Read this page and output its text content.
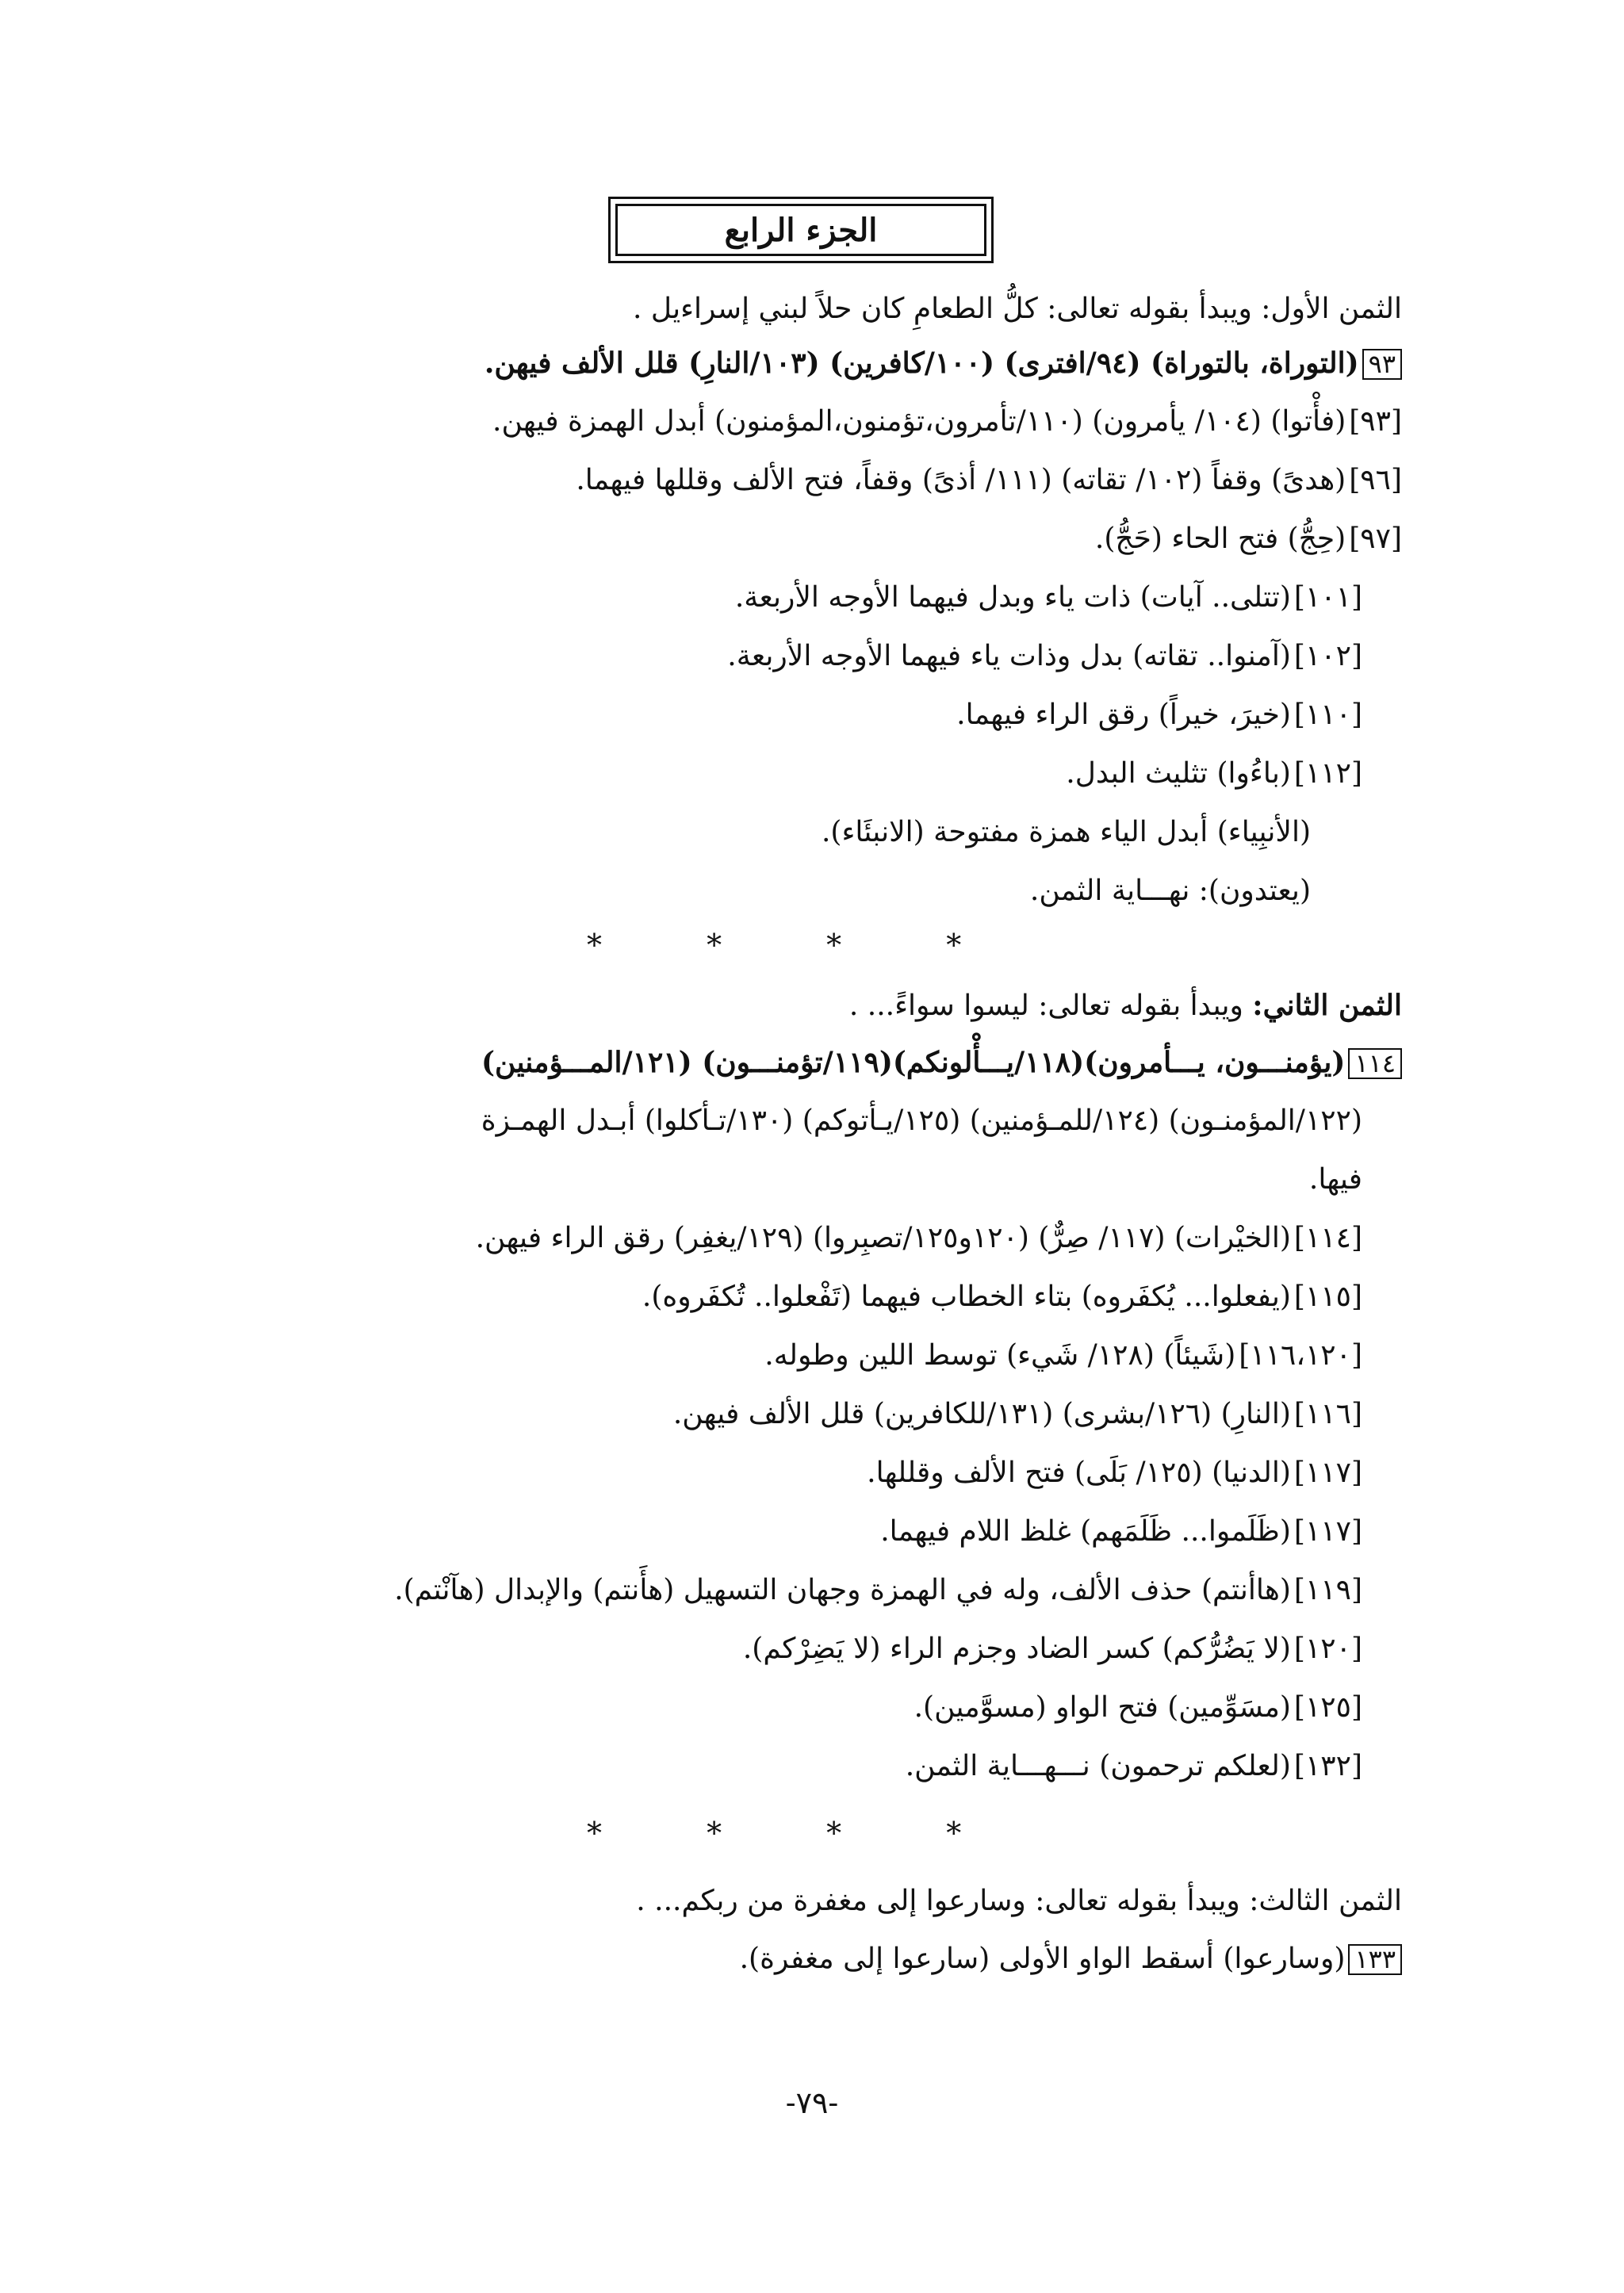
الجزء الرابع
الثمن الأول: ويبدأ بقوله تعالى: كلُّ الطعامِ كان حلاً لبني إسراءيل .
٩٣(التوراة، بالتوراة) (٩٤/افترى) (١٠٠/كافرين) (١٠٣/النارِ) قلل الألف فيهن.
[٩٣](فأْتوا) (١٠٤/ يأمرون) (١١٠/تأمرون،تؤمنون،المؤمنون) أبدل الهمزة فيهن.
[٩٦](هدىً) وقفاً (١٠٢/ تقاته) (١١١/ أذىً) وقفاً، فتح الألف وقللها فيهما.
[٩٧](حِجُّ) فتح الحاء (حَجُّ).
[١٠١](تتلى.. آيات) ذات ياء وبدل فيهما الأوجه الأربعة.
[١٠٢](آمنوا.. تقاته) بدل وذات ياء فيهما الأوجه الأربعة.
[١١٠](خيرَ، خيراً) رقق الراء فيهما.
[١١٢](باءُوا) تثليث البدل.
(الأنبِياء) أبدل الياء همزة مفتوحة (الانبئَاء).
(يعتدون): نهـــاية الثمن.
* * * *
الثمن الثاني: ويبدأ بقوله تعالى: ليسوا سواءً... .
١١٤(يؤمنـــون، يـــأمرون)(١١٨/يـــأْلونكم)(١١٩/تؤمنـــون) (١٢١/المـــؤمنين)
(١٢٢/المؤمنـون) (١٢٤/للمـؤمنين) (١٢٥/يـأتوكم) (١٣٠/تـأكلوا) أبـدل الهمـزة
فيها.
[١١٤](الخيْرات) (١١٧/ صِرٌّ) (١٢٠و١٢٥/تصبِروا) (١٢٩/يغفِر) رقق الراء فيهن.
[١١٥](يفعلوا... يُكفَروه) بتاء الخطاب فيهما (تَفْعلوا.. تُكفَروه).
[١١٦،١٢٠](شَيئاً) (١٢٨/ شَيء) توسط اللين وطوله.
[١١٦](النارِ) (١٢٦/بشرى) (١٣١/للكافرين) قلل الألف فيهن.
[١١٧](الدنيا) (١٢٥/ بَلَى) فتح الألف وقللها.
[١١٧](ظَلَموا... ظَلَمَهم) غلظ اللام فيهما.
[١١٩](هاأنتم) حذف الألف، وله في الهمزة وجهان التسهيل (هأَنتم) والإبدال (هآنْتم).
[١٢٠](لا يَضُرُّكم) كسر الضاد وجزم الراء (لا يَضِرْكم).
[١٢٥](مسَوِّمين) فتح الواو (مسوَّمين).
[١٣٢](لعلكم ترحمون) نـــهـــاية الثمن.
* * * *
الثمن الثالث: ويبدأ بقوله تعالى: وسارعوا إلى مغفرة من ربكم... .
١٣٣(وسارعوا) أسقط الواو الأولى (سارعوا إلى مغفرة).
-٧٩-
